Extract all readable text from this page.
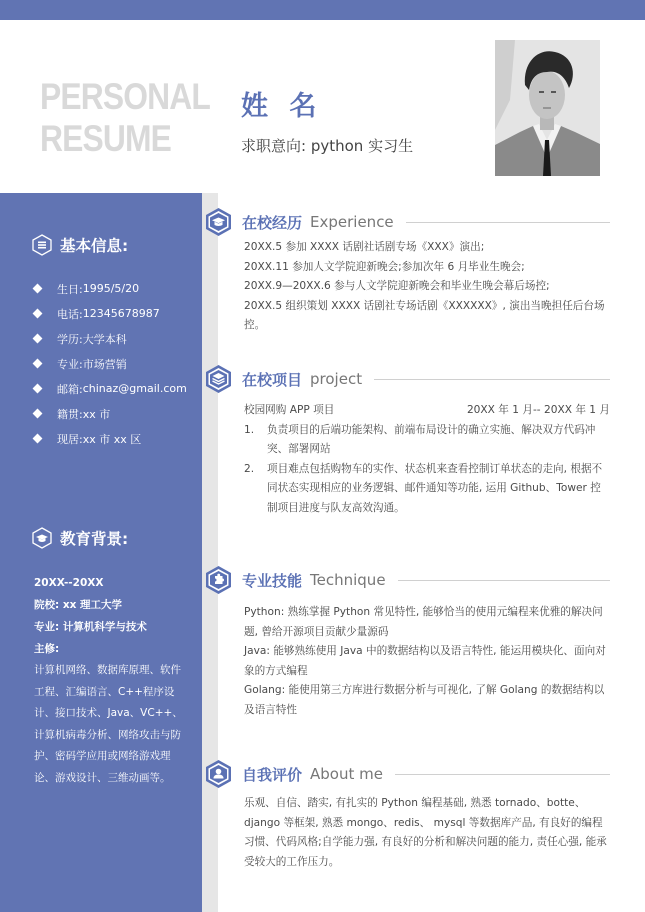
PERSONAL
RESUME
姓 名
求职意向: python 实习生
基本信息:
生日: 1995/5/20
电话: 12345678987
学历: 大学本科
专业: 市场营销
邮箱: chinaz@gmail.com
籍贯: xx 市
现居: xx 市 xx 区
教育背景:
20XX--20XX
院校: xx 理工大学
专业: 计算机科学与技术
主修:
计算机网络、数据库原理、软件工程、汇编语言、C++程序设计、接口技术、Java、VC++、计算机病毒分析、网络攻击与防护、密码学应用或网络游戏理论、游戏设计、三维动画等。
在校经历 Experience
20XX.5 参加 XXXX 话剧社话剧专场《XXX》演出;
20XX.11 参加人文学院迎新晚会;参加次年 6 月毕业生晚会;
20XX.9—20XX.6 参与人文学院迎新晚会和毕业生晚会幕后场控;
20XX.5 组织策划 XXXX 话剧社专场话剧《XXXXXX》, 演出当晚担任后台场控。
在校项目 project
校园网购 APP 项目	20XX 年 1 月-- 20XX 年 1 月
1.	负责项目的后端功能架构、前端布局设计的确立实施、解决双方代码冲突、部署网站
2.	项目难点包括购物车的实作、状态机来查看控制订单状态的走向, 根据不同状态实现相应的业务逻辑、邮件通知等功能, 运用 Github、Tower 控制项目进度与队友高效沟通。
专业技能 Technique
Python: 熟练掌握 Python 常见特性, 能够恰当的使用元编程来优雅的解决问题, 曾给开源项目贡献少量源码
Java: 能够熟练使用 Java 中的数据结构以及语言特性, 能运用模块化、面向对象的方式编程
Golang: 能使用第三方库进行数据分析与可视化, 了解 Golang 的数据结构以及语言特性
自我评价 About me
乐观、自信、踏实, 有扎实的 Python 编程基础, 熟悉 tornado、botte、django 等框架, 熟悉 mongo、redis、 mysql 等数据库产品, 有良好的编程习惯、代码风格;自学能力强, 有良好的分析和解决问题的能力, 责任心强, 能承受较大的工作压力。
